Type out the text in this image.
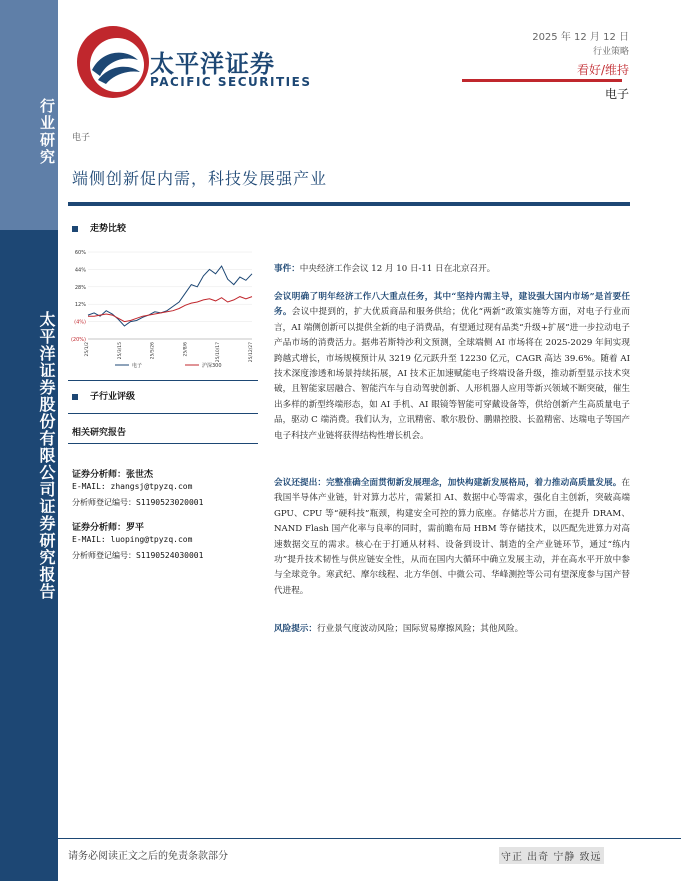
行业研究
太平洋证券股份有限公司证券研究报告
太平洋证券
PACIFIC SECURITIES
2025 年 12 月 12 日
行业策略
看好/维持
电子
电子
端侧创新促内需，科技发展强产业
走势比较
60%
44%
28%
12%
(4%)
(20%)
25/1/2	25/3/15	25/5/26	25/8/6	25/10/17	25/12/27
电子	沪深300
子行业评级
相关研究报告
证券分析师：张世杰
E-MAIL: zhangsj@tpyzq.com
分析师登记编号：S1190523020001
证券分析师：罗平
E-MAIL: luoping@tpyzq.com
分析师登记编号：S1190524030001
事件：中央经济工作会议 12 月 10 日-11 日在北京召开。
会议明确了明年经济工作八大重点任务，其中“坚持内需主导，建设强大国内市场”是首要任务。会议中提到的，扩大优质商品和服务供给；优化“两新”政策实施等方面，对电子行业而言，AI 端侧创新可以提供全新的电子消费品，有望通过现有品类“升级+扩展”进一步拉动电子产品市场的消费活力。据弗若斯特沙利文预测，全球端侧 AI 市场将在 2025-2029 年间实现跨越式增长，市场规模预计从 3219 亿元跃升至 12230 亿元，CAGR 高达 39.6%。随着 AI 技术深度渗透和场景持续拓展，AI 技术正加速赋能电子终端设备升级，推动新型显示技术突破，且智能家居融合、智能汽车与自动驾驶创新、人形机器人应用等新兴领域不断突破，催生出多样的新型终端形态，如 AI 手机、AI 眼镜等智能可穿戴设备等，供给创新产生高质量电子品，驱动 C 端消费。我们认为，立讯精密、歌尔股份、鹏鼎控股、长盈精密、达瑞电子等国产电子科技产业链将获得结构性增长机会。
会议还提出：完整准确全面贯彻新发展理念，加快构建新发展格局，着力推动高质量发展。在我国半导体产业链，针对算力芯片，需紧扣 AI、数据中心等需求，强化自主创新，突破高端 GPU、CPU 等“硬科技”瓶颈，构建安全可控的算力底座。存储芯片方面，在提升 DRAM、NAND Flash 国产化率与良率的同时，需前瞻布局 HBM 等存储技术，以匹配先进算力对高速数据交互的需求。核心在于打通从材料、设备到设计、制造的全产业链环节，通过“练内功”提升技术韧性与供应链安全性，从而在国内大循环中确立发展主动，并在高水平开放中参与全球竞争。寒武纪、摩尔线程、北方华创、中微公司、华峰测控等公司有望深度参与国产替代进程。
风险提示：行业景气度波动风险；国际贸易摩擦风险；其他风险。
请务必阅读正文之后的免责条款部分	守正 出奇 宁静 致远
